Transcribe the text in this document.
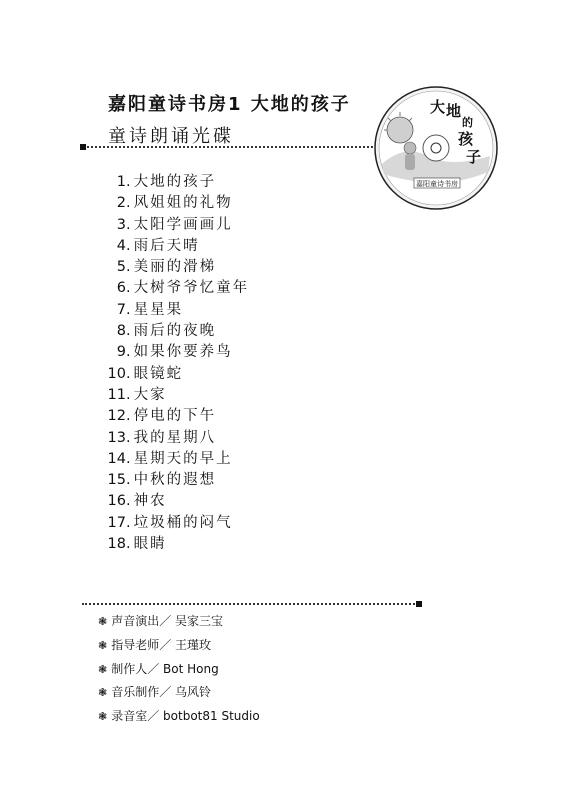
嘉阳童诗书房1 大地的孩子
童诗朗诵光碟
大 地
的
孩
子
嘉阳童诗书房
1. 大地的孩子
2. 风姐姐的礼物
3. 太阳学画画儿
4. 雨后天晴
5. 美丽的滑梯
6. 大树爷爷忆童年
7. 星星果
8. 雨后的夜晚
9. 如果你要养鸟
10. 眼镜蛇
11. 大家
12. 停电的下午
13. 我的星期八
14. 星期天的早上
15. 中秋的遐想
16. 神农
17. 垃圾桶的闷气
18. 眼睛
❃ 声音演出／ 吴家三宝
❃ 指导老师／ 王瑾玫
❃ 制作人／ Bot Hong
❃ 音乐制作／ 乌风铃
❃ 录音室／ botbot81 Studio
